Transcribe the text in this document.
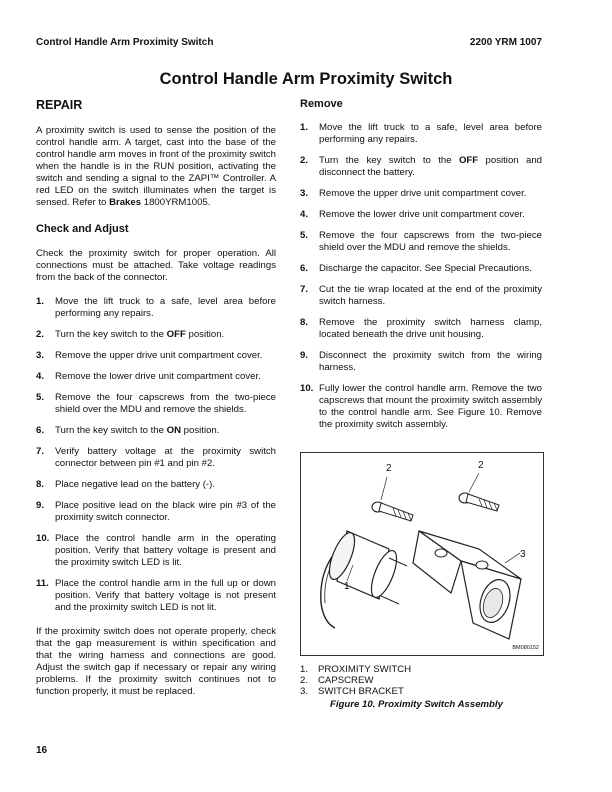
Control Handle Arm Proximity Switch	2200 YRM 1007
Control Handle Arm Proximity Switch
REPAIR
A proximity switch is used to sense the position of the control handle arm. A target, cast into the base of the control handle arm moves in front of the proximity switch when the handle is in the RUN position, activating the switch and sending a signal to the ZAPI™ Controller. A red LED on the switch illuminates when the target is sensed. Refer to Brakes 1800YRM1005.
Check and Adjust
Check the proximity switch for proper operation. All connections must be attached. Take voltage readings from the back of the connector.
1.	Move the lift truck to a safe, level area before performing any repairs.
2.	Turn the key switch to the OFF position.
3.	Remove the upper drive unit compartment cover.
4.	Remove the lower drive unit compartment cover.
5.	Remove the four capscrews from the two-piece shield over the MDU and remove the shields.
6.	Turn the key switch to the ON position.
7.	Verify battery voltage at the proximity switch connector between pin #1 and pin #2.
8.	Place negative lead on the battery (-).
9.	Place positive lead on the black wire pin #3 of the proximity switch connector.
10. Place the control handle arm in the operating position. Verify that battery voltage is present and the proximity switch LED is lit.
11. Place the control handle arm in the full up or down position. Verify that battery voltage is not present and the proximity switch LED is not lit.
If the proximity switch does not operate properly, check that the gap measurement is within specification and that the wiring harness and connections are good. Adjust the switch gap if necessary or repair any wiring problems. If the proximity switch continues not to function properly, it must be replaced.
Remove
1.	Move the lift truck to a safe, level area before performing any repairs.
2.	Turn the key switch to the OFF position and disconnect the battery.
3.	Remove the upper drive unit compartment cover.
4.	Remove the lower drive unit compartment cover.
5.	Remove the four capscrews from the two-piece shield over the MDU and remove the shields.
6.	Discharge the capacitor. See Special Precautions.
7.	Cut the tie wrap located at the end of the proximity switch harness.
8.	Remove the proximity switch harness clamp, located beneath the drive unit housing.
9.	Disconnect the proximity switch from the wiring harness.
10. Fully lower the control handle arm. Remove the two capscrews that mount the proximity switch assembly to the control handle arm. See Figure 10. Remove the proximity switch assembly.
2	2
3
1
BM080152
1. PROXIMITY SWITCH
2. CAPSCREW
3. SWITCH BRACKET
Figure 10. Proximity Switch Assembly
16
